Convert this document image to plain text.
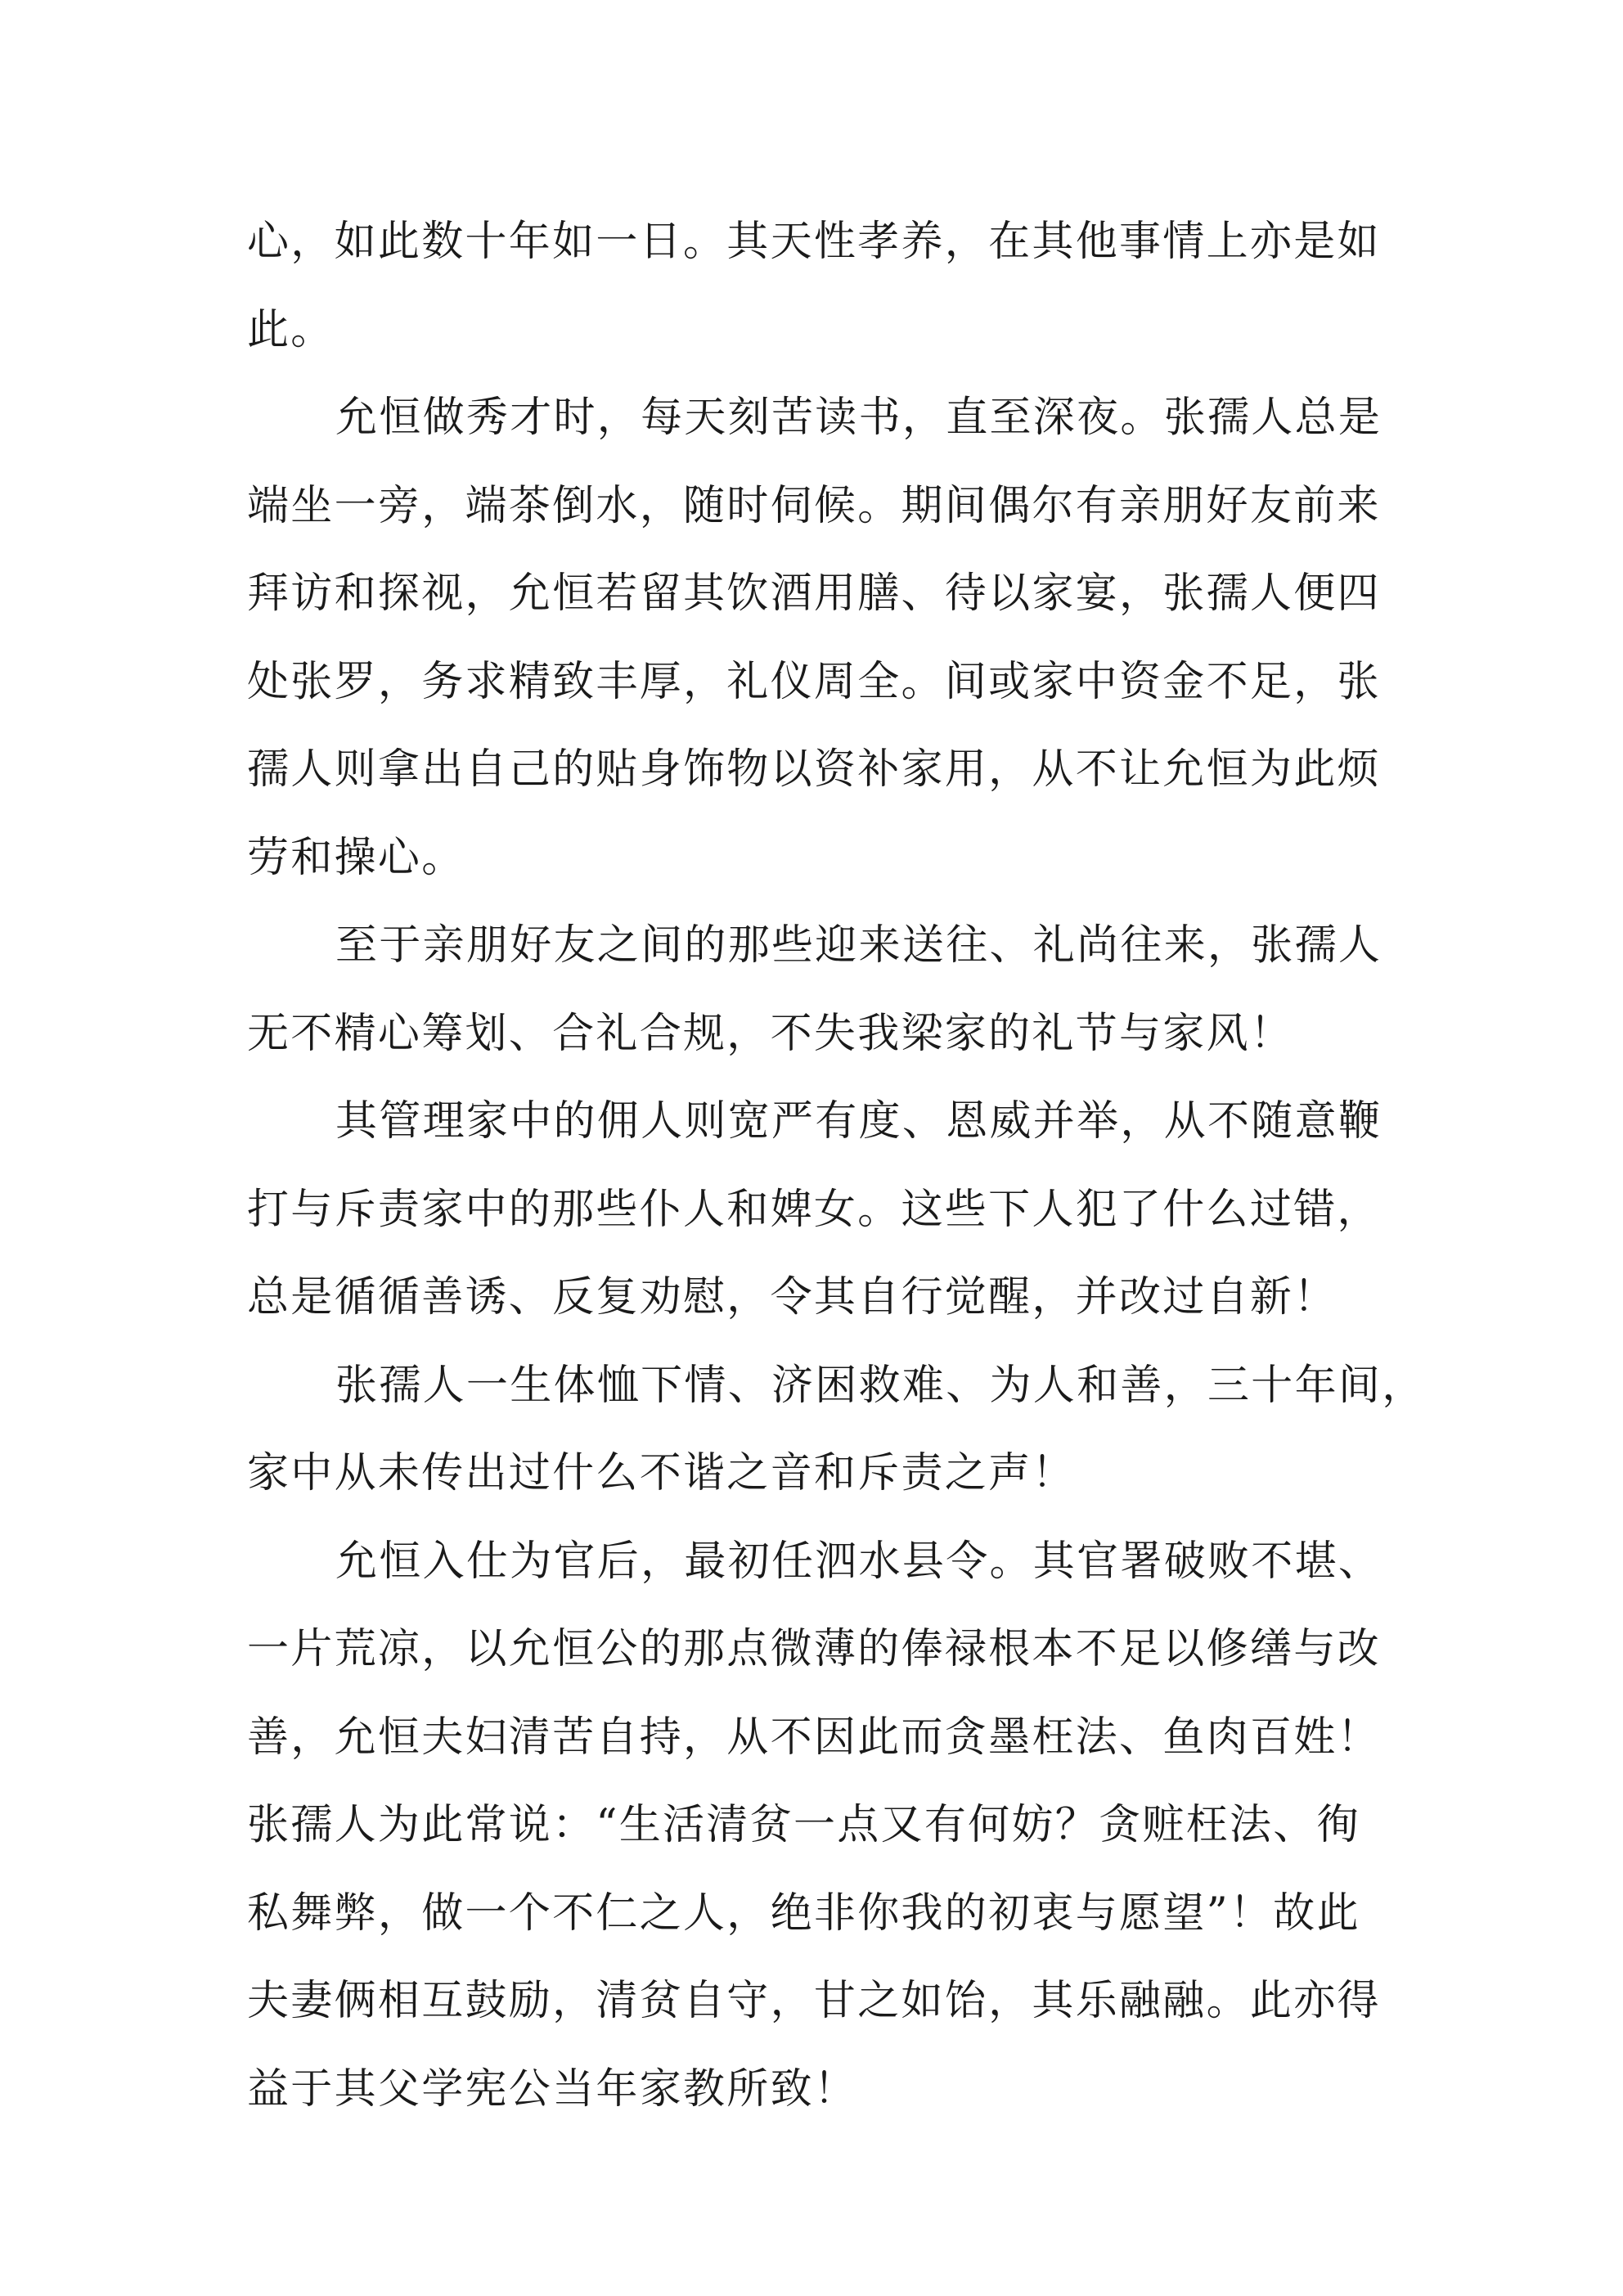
心，如此数十年如一日。其天性孝养，在其他事情上亦是如
此。
允恒做秀才时，每天刻苦读书，直至深夜。张孺人总是
端坐一旁，端茶倒水，随时伺候。期间偶尔有亲朋好友前来
拜访和探视，允恒若留其饮酒用膳、待以家宴，张孺人便四
处张罗，务求精致丰厚，礼仪周全。间或家中资金不足，张
孺人则拿出自己的贴身饰物以资补家用，从不让允恒为此烦
劳和操心。
至于亲朋好友之间的那些迎来送往、礼尚往来，张孺人
无不精心筹划、合礼合规，不失我梁家的礼节与家风！
其管理家中的佣人则宽严有度、恩威并举，从不随意鞭
打与斥责家中的那些仆人和婢女。这些下人犯了什么过错，
总是循循善诱、反复劝慰，令其自行觉醒，并改过自新！
张孺人一生体恤下情、济困救难、为人和善，三十年间，
家中从未传出过什么不谐之音和斥责之声！
允恒入仕为官后，最初任泗水县令。其官署破败不堪、
一片荒凉，以允恒公的那点微薄的俸禄根本不足以修缮与改
善，允恒夫妇清苦自持，从不因此而贪墨枉法、鱼肉百姓！
张孺人为此常说：“生活清贫一点又有何妨？贪赃枉法、徇
私舞弊，做一个不仁之人，绝非你我的初衷与愿望”！故此
夫妻俩相互鼓励，清贫自守，甘之如饴，其乐融融。此亦得
益于其父学宪公当年家教所致！
